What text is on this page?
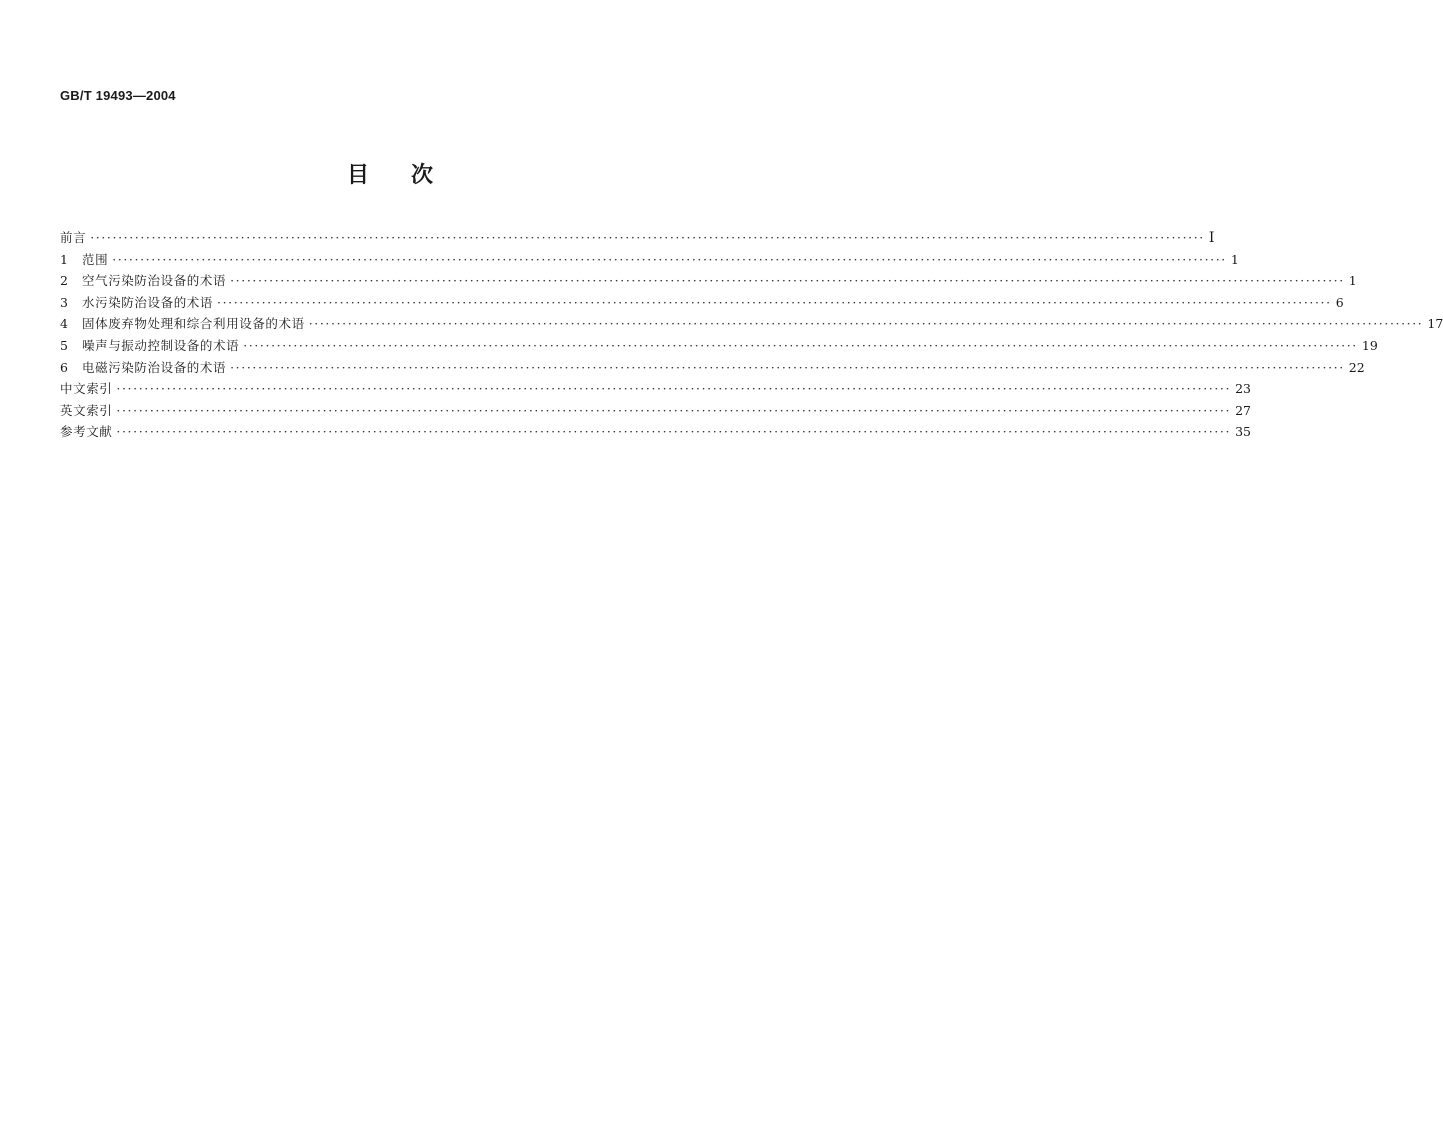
GB/T 19493—2004
目次
前言 ········································································································································································································ I
1	范围 ········································································································································································································ 1
2	空气污染防治设备的术语 ········································································································································································································ 1
3	水污染防治设备的术语 ········································································································································································································ 6
4	固体废弃物处理和综合利用设备的术语 ········································································································································································································ 17
5	噪声与振动控制设备的术语 ········································································································································································································ 19
6	电磁污染防治设备的术语 ········································································································································································································ 22
中文索引 ········································································································································································································ 23
英文索引 ········································································································································································································ 27
参考文献 ········································································································································································································ 35
